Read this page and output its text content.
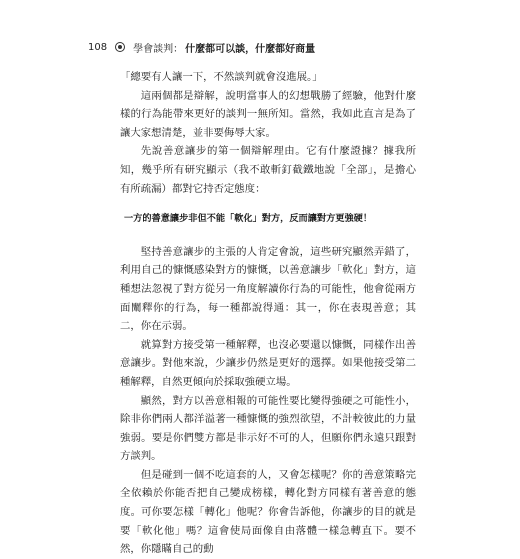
108	學會談判： 什麼都可以談，什麼都好商量

「總要有人讓一下，不然談判就會沒進展。」

這兩個都是辯解，說明當事人的幻想戰勝了經驗，他對什麼樣的行為能帶來更好的談判一無所知。當然，我如此直言是為了讓大家想清楚，並非要侮辱大家。

先說善意讓步的第一個辯解理由。它有什麼證據？據我所知，幾乎所有研究顯示（我不敢斬釘截鐵地說「全部」，是擔心有所疏漏）都對它持否定態度：

一方的善意讓步非但不能「軟化」對方，反而讓對方更強硬！

堅持善意讓步的主張的人肯定會說，這些研究顯然弄錯了，利用自己的慷慨感染對方的慷慨，以善意讓步「軟化」對方，這種想法忽視了對方從另一角度解讀你行為的可能性，他會從兩方面闡釋你的行為，每一種都說得通：其一，你在表現善意；其二，你在示弱。

就算對方接受第一種解釋，也沒必要還以慷慨，同樣作出善意讓步。對他來說，少讓步仍然是更好的選擇。如果他接受第二種解釋，自然更傾向於採取強硬立場。

顯然，對方以善意相報的可能性要比變得強硬之可能性小，除非你們兩人都洋溢著一種慷慨的強烈欲望，不計較彼此的力量強弱。要是你們雙方都是非示好不可的人，但願你們永遠只跟對方談判。

但是碰到一個不吃這套的人，又會怎樣呢？你的善意策略完全依賴於你能否把自己變成榜樣，轉化對方同樣有著善意的態度。可你要怎樣「轉化」他呢？你會告訴他，你讓步的目的就是要「軟化他」嗎？這會使局面像自由落體一樣急轉直下。要不然，你隱瞞自己的動
